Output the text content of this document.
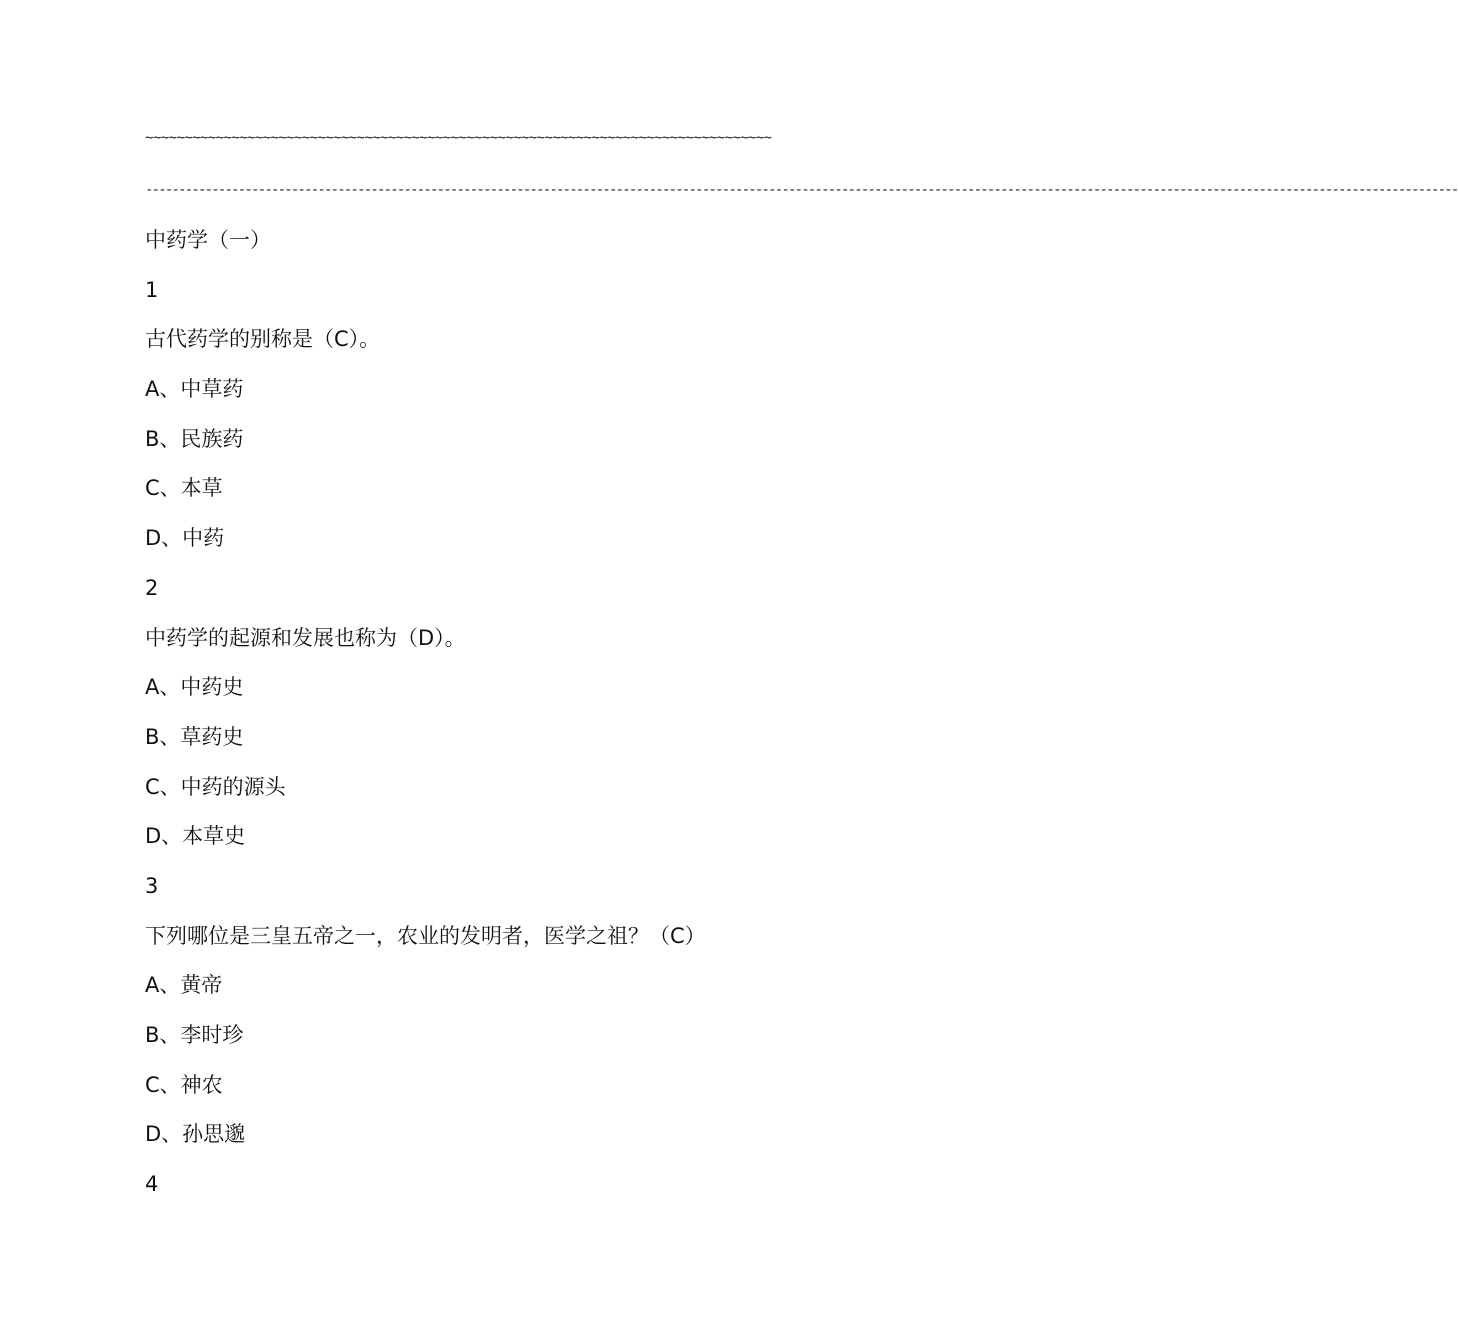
~~~~~~~~~~~~~~~~~~~~~~~~~~~~~~~~~~~~~~~~~~~~~~~~~~~~~~~~~~~~~~~~~~~~~~~~~~~~~~~~
------------------------------------------------------------------------------------------------------------------------------------------------------------------------------------------------------
中药学（一）
1
古代药学的别称是（C）。
A、中草药
B、民族药
C、本草
D、中药
2
中药学的起源和发展也称为（D）。
A、中药史
B、草药史
C、中药的源头
D、本草史
3
下列哪位是三皇五帝之一，农业的发明者，医学之祖？（C）
A、黄帝
B、李时珍
C、神农
D、孙思邈
4
